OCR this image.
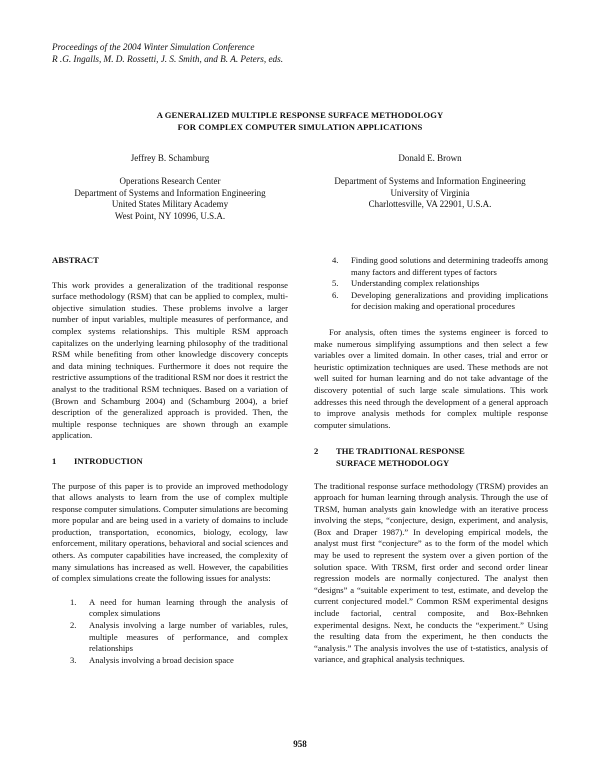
Proceedings of the 2004 Winter Simulation Conference
R .G. Ingalls, M. D. Rossetti, J. S. Smith, and B. A. Peters, eds.
A GENERALIZED MULTIPLE RESPONSE SURFACE METHODOLOGY
FOR COMPLEX COMPUTER SIMULATION APPLICATIONS
Jeffrey B. Schamburg
Operations Research Center
Department of Systems and Information Engineering
United States Military Academy
West Point, NY 10996, U.S.A.
Donald E. Brown
Department of Systems and Information Engineering
University of Virginia
Charlottesville, VA 22901, U.S.A.
ABSTRACT

This work provides a generalization of the traditional response surface methodology (RSM) that can be applied to complex, multi-objective simulation studies. These problems involve a larger number of input variables, multiple measures of performance, and complex systems relationships. This multiple RSM approach capitalizes on the underlying learning philosophy of the traditional RSM while benefiting from other knowledge discovery concepts and data mining techniques. Furthermore it does not require the restrictive assumptions of the traditional RSM nor does it restrict the analyst to the traditional RSM techniques. Based on a variation of (Brown and Schamburg 2004) and (Schamburg 2004), a brief description of the generalized approach is provided. Then, the multiple response techniques are shown through an example application.

1 INTRODUCTION

The purpose of this paper is to provide an improved methodology that allows analysts to learn from the use of complex multiple response computer simulations. Computer simulations are becoming more popular and are being used in a variety of domains to include production, transportation, economics, biology, ecology, law enforcement, military operations, behavioral and social sciences and others. As computer capabilities have increased, the complexity of many simulations has increased as well. However, the capabilities of complex simulations create the following issues for analysts:

1. A need for human learning through the analysis of complex simulations
2. Analysis involving a large number of variables, rules, multiple measures of performance, and complex relationships
3. Analysis involving a broad decision space
4. Finding good solutions and determining tradeoffs among many factors and different types of factors
5. Understanding complex relationships
6. Developing generalizations and providing implications for decision making and operational procedures

For analysis, often times the systems engineer is forced to make numerous simplifying assumptions and then select a few variables over a limited domain. In other cases, trial and error or heuristic optimization techniques are used. These methods are not well suited for human learning and do not take advantage of the discovery potential of such large scale simulations. This work addresses this need through the development of a general approach to improve analysis methods for complex multiple response computer simulations.

2 THE TRADITIONAL RESPONSE
SURFACE METHODOLOGY

The traditional response surface methodology (TRSM) provides an approach for human learning through analysis. Through the use of TRSM, human analysts gain knowledge with an iterative process involving the steps, “conjecture, design, experiment, and analysis, (Box and Draper 1987).” In developing empirical models, the analyst must first “conjecture” as to the form of the model which may be used to represent the system over a given portion of the solution space. With TRSM, first order and second order linear regression models are normally conjectured. The analyst then “designs” a “suitable experiment to test, estimate, and develop the current conjectured model.” Common RSM experimental designs include factorial, central composite, and Box-Behnken experimental designs. Next, he conducts the “experiment.” Using the resulting data from the experiment, he then conducts the “analysis.” The analysis involves the use of t-statistics, analysis of variance, and graphical analysis techniques.

958
